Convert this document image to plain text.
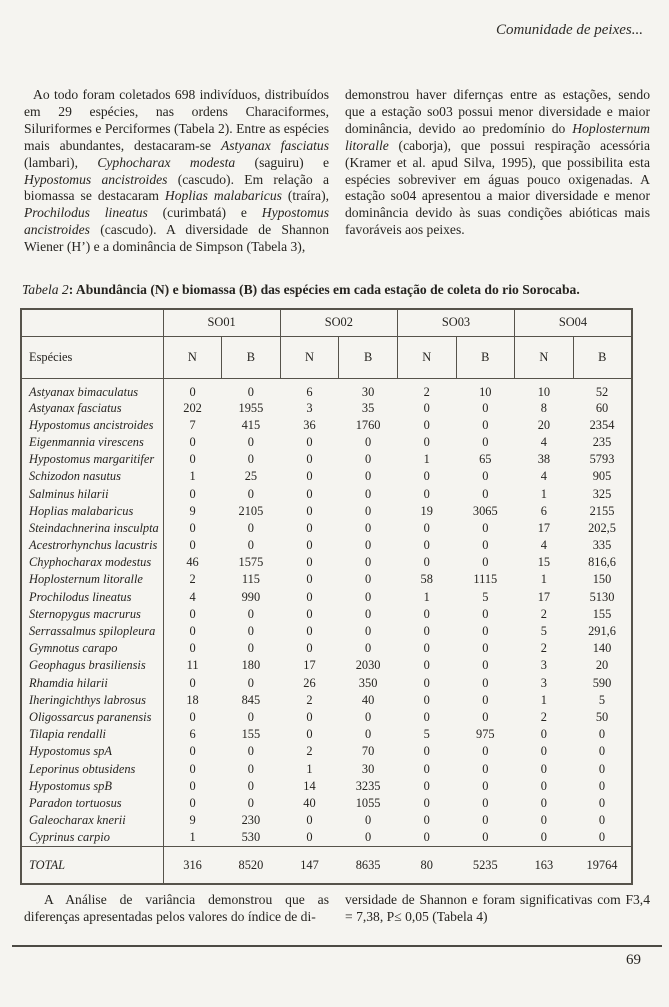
Comunidade de peixes...

Ao todo foram coletados 698 indivíduos, distribuídos em 29 espécies, nas ordens Characiformes, Siluriformes e Perciformes (Tabela 2). Entre as espécies mais abundantes, destacaram-se Astyanax fasciatus (lambari), Cyphocharax modesta (saguiru) e Hypostomus ancistroides (cascudo). Em relação a biomassa se destacaram Hoplias malabaricus (traíra), Prochilodus lineatus (curimbatá) e Hypostomus ancistroides (cascudo). A diversidade de Shannon Wiener (H’) e a dominância de Simpson (Tabela 3),

demonstrou haver difernças entre as estações, sendo que a estação so03 possui menor diversidade e maior dominância, devido ao predomínio do Hoplosternum litoralle (caborja), que possui respiração acessória (Kramer et al. apud Silva, 1995), que possibilita esta espécies sobreviver em águas pouco oxigenadas. A estação so04 apresentou a maior diversidade e menor dominância devido às suas condições abióticas mais favoráveis aos peixes.

Tabela 2: Abundância (N) e biomassa (B) das espécies em cada estação de coleta do rio Sorocaba.

	SO01		SO02		SO03		SO04	
Espécies	N	B	N	B	N	B	N	B
Astyanax bimaculatus	0	0	6	30	2	10	10	52
Astyanax fasciatus	202	1955	3	35	0	0	8	60
Hypostomus ancistroides	7	415	36	1760	0	0	20	2354
Eigenmannia virescens	0	0	0	0	0	0	4	235
Hypostomus margaritifer	0	0	0	0	1	65	38	5793
Schizodon nasutus	1	25	0	0	0	0	4	905
Salminus hilarii	0	0	0	0	0	0	1	325
Hoplias malabaricus	9	2105	0	0	19	3065	6	2155
Steindachnerina insculpta	0	0	0	0	0	0	17	202,5
Acestrorhynchus lacustris	0	0	0	0	0	0	4	335
Chyphocharax modestus	46	1575	0	0	0	0	15	816,6
Hoplosternum litoralle	2	115	0	0	58	1115	1	150
Prochilodus lineatus	4	990	0	0	1	5	17	5130
Sternopygus macrurus	0	0	0	0	0	0	2	155
Serrassalmus spilopleura	0	0	0	0	0	0	5	291,6
Gymnotus carapo	0	0	0	0	0	0	2	140
Geophagus brasiliensis	11	180	17	2030	0	0	3	20
Rhamdia hilarii	0	0	26	350	0	0	3	590
Iheringichthys labrosus	18	845	2	40	0	0	1	5
Oligossarcus paranensis	0	0	0	0	0	0	2	50
Tilapia rendalli	6	155	0	0	5	975	0	0
Hypostomus spA	0	0	2	70	0	0	0	0
Leporinus obtusidens	0	0	1	30	0	0	0	0
Hypostomus spB	0	0	14	3235	0	0	0	0
Paradon tortuosus	0	0	40	1055	0	0	0	0
Galeocharax knerii	9	230	0	0	0	0	0	0
Cyprinus carpio	1	530	0	0	0	0	0	0
TOTAL	316	8520	147	8635	80	5235	163	19764

A Análise de variância demonstrou que as diferenças apresentadas pelos valores do índice de di-

versidade de Shannon e foram significativas com F3,4 = 7,38, P≤ 0,05 (Tabela 4)

69
